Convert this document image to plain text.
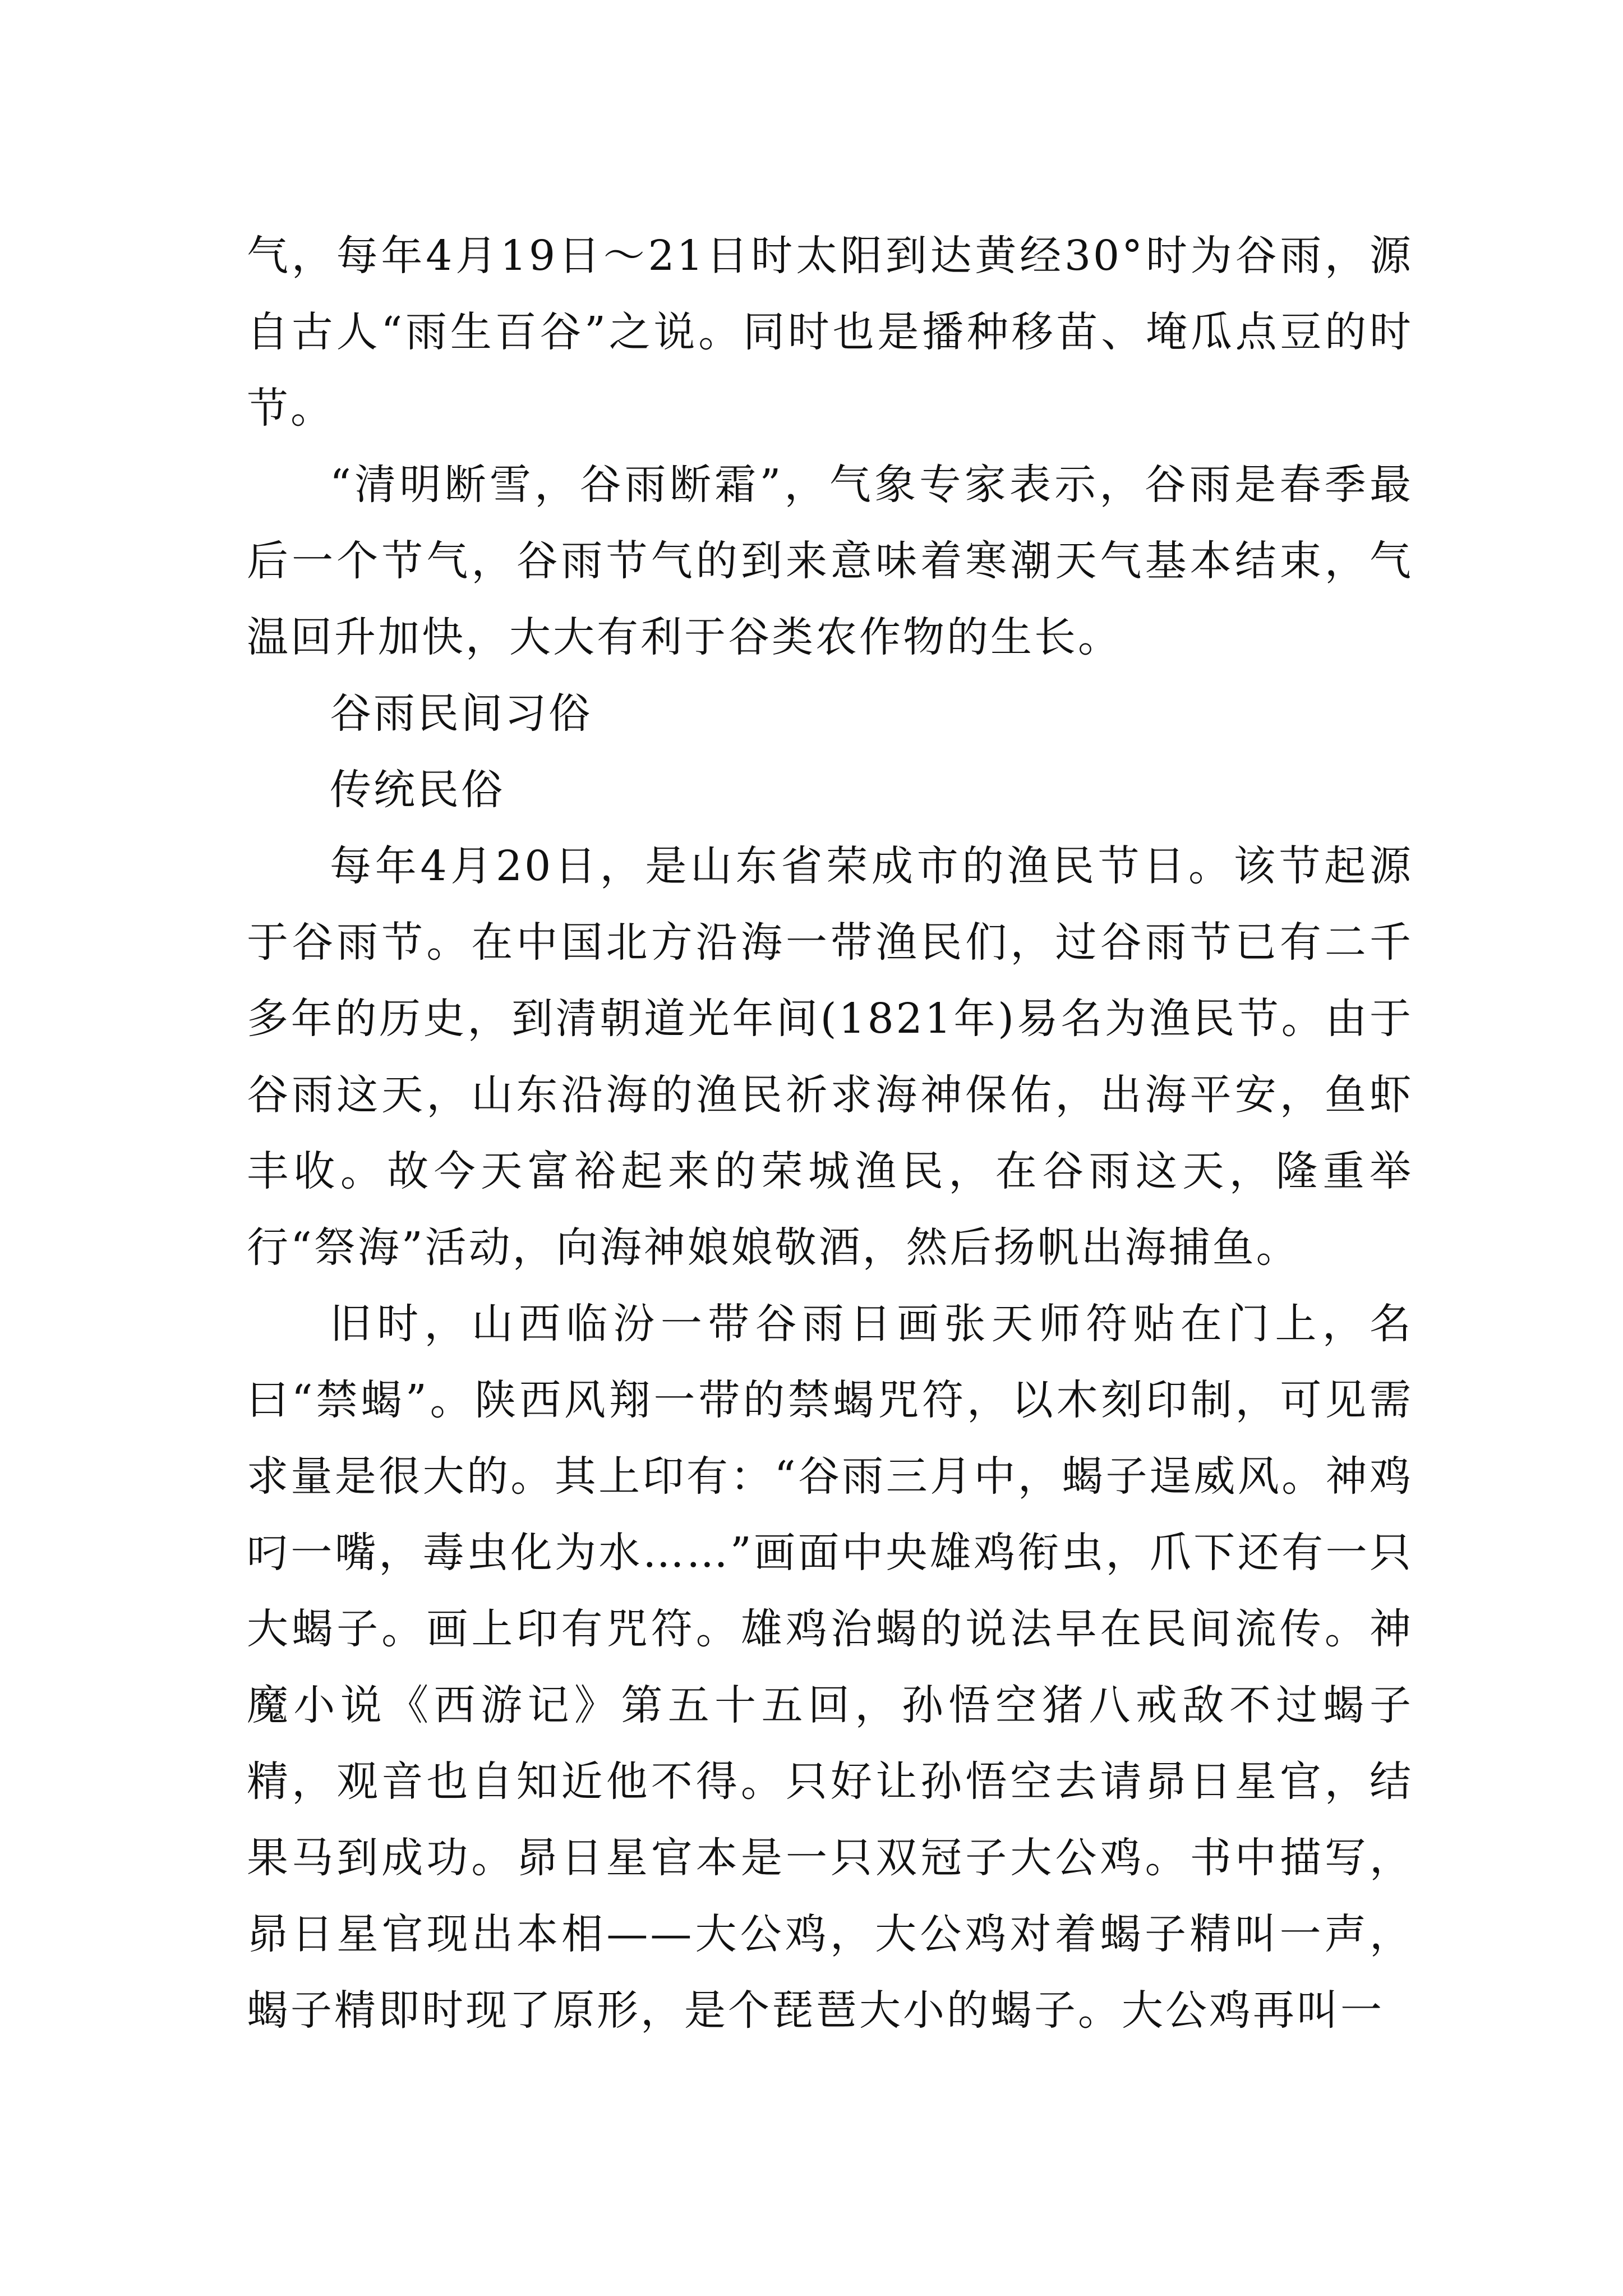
气，每年4月19日～21日时太阳到达黄经30°时为谷雨，源自古人“雨生百谷”之说。同时也是播种移苗、埯瓜点豆的时节。

“清明断雪，谷雨断霜”，气象专家表示，谷雨是春季最后一个节气，谷雨节气的到来意味着寒潮天气基本结束，气温回升加快，大大有利于谷类农作物的生长。

谷雨民间习俗

传统民俗

每年4月20日，是山东省荣成市的渔民节日。该节起源于谷雨节。在中国北方沿海一带渔民们，过谷雨节已有二千多年的历史，到清朝道光年间(1821年)易名为渔民节。由于谷雨这天，山东沿海的渔民祈求海神保佑，出海平安，鱼虾丰收。故今天富裕起来的荣城渔民，在谷雨这天，隆重举行“祭海”活动，向海神娘娘敬酒，然后扬帆出海捕鱼。

旧时，山西临汾一带谷雨日画张天师符贴在门上，名曰“禁蝎”。陕西风翔一带的禁蝎咒符，以木刻印制，可见需求量是很大的。其上印有：“谷雨三月中，蝎子逞威风。神鸡叼一嘴，毒虫化为水……”画面中央雄鸡衔虫，爪下还有一只大蝎子。画上印有咒符。雄鸡治蝎的说法早在民间流传。神魔小说《西游记》第五十五回，孙悟空猪八戒敌不过蝎子精，观音也自知近他不得。只好让孙悟空去请昴日星官，结果马到成功。昴日星官本是一只双冠子大公鸡。书中描写，昴日星官现出本相——大公鸡，大公鸡对着蝎子精叫一声，蝎子精即时现了原形，是个琵琶大小的蝎子。大公鸡再叫一
